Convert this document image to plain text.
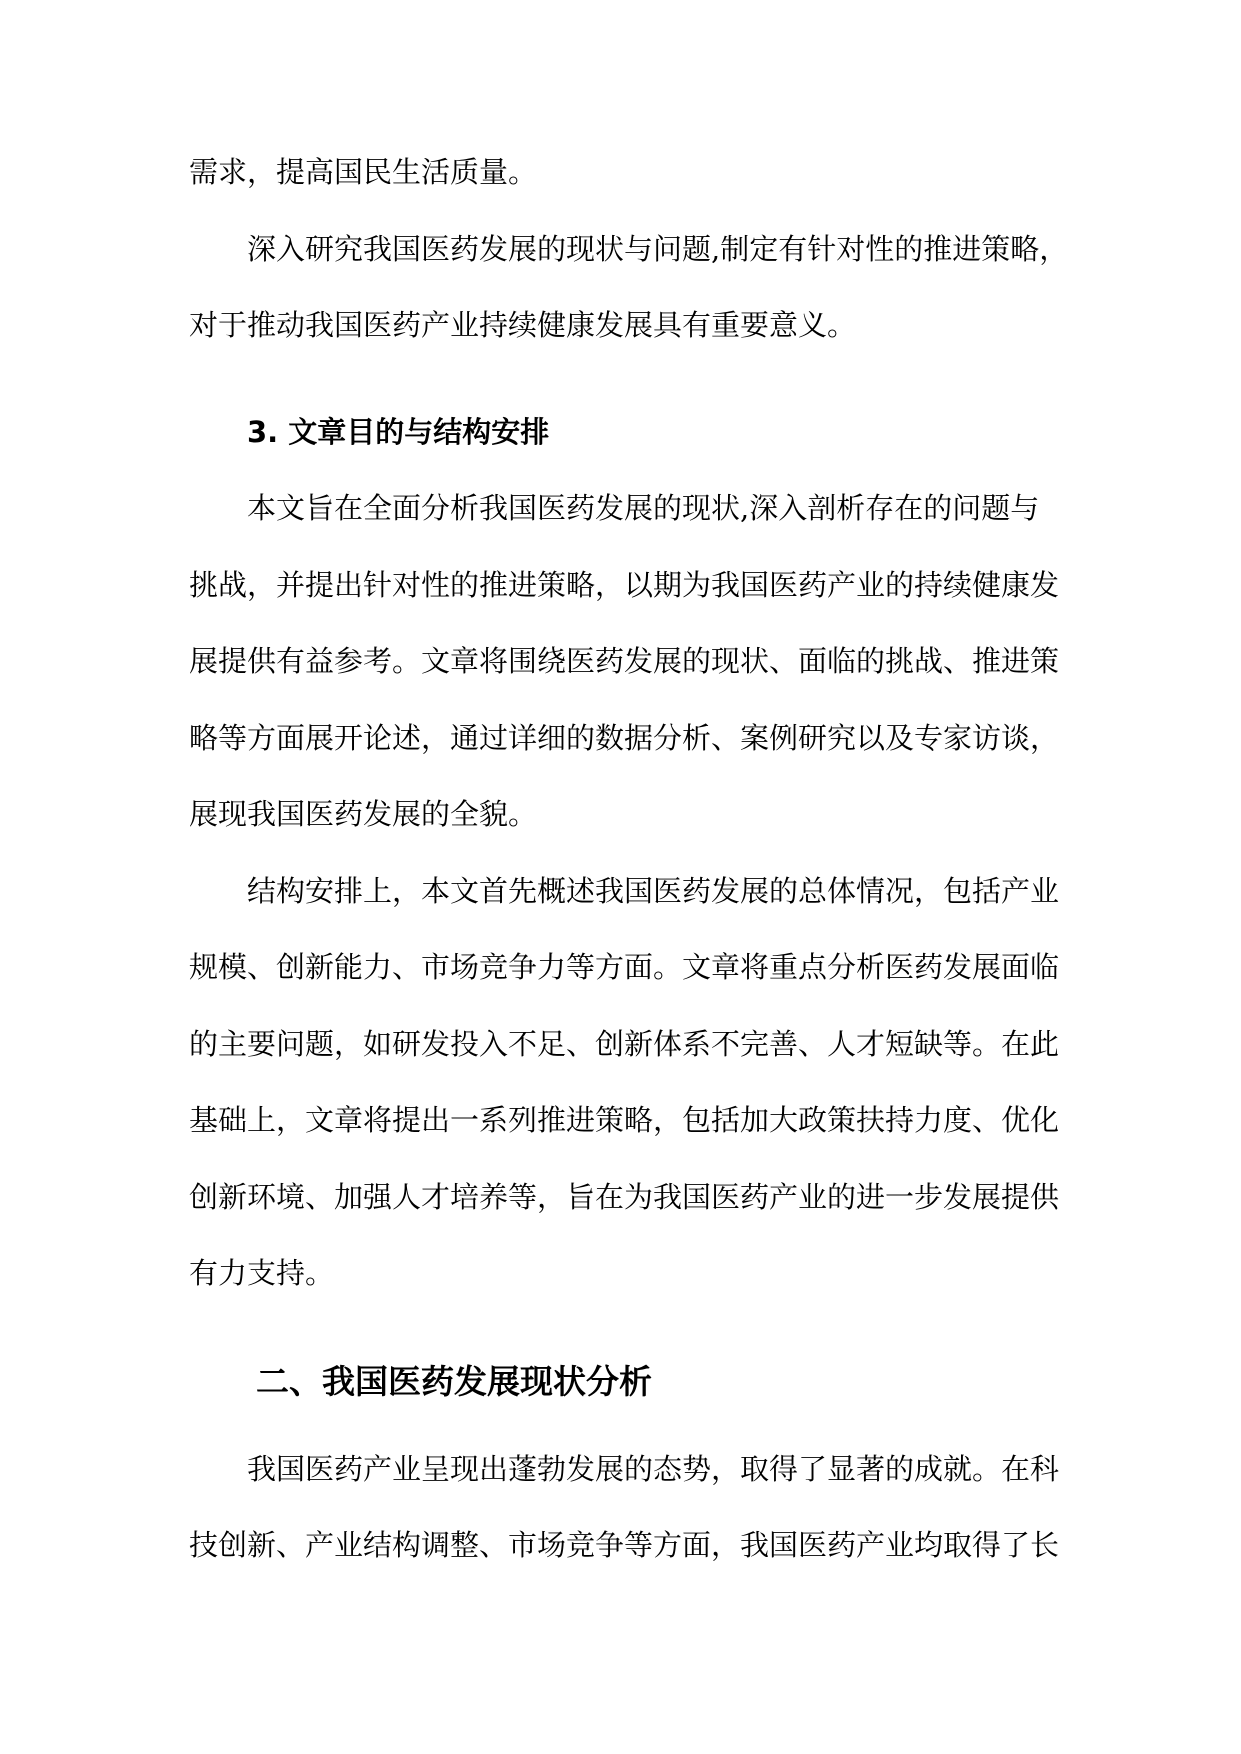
需求，提高国民生活质量。
深入研究我国医药发展的现状与问题,制定有针对性的推进策略，
对于推动我国医药产业持续健康发展具有重要意义。
3. 文章目的与结构安排
本文旨在全面分析我国医药发展的现状,深入剖析存在的问题与
挑战，并提出针对性的推进策略，以期为我国医药产业的持续健康发
展提供有益参考。文章将围绕医药发展的现状、面临的挑战、推进策
略等方面展开论述，通过详细的数据分析、案例研究以及专家访谈，
展现我国医药发展的全貌。
结构安排上，本文首先概述我国医药发展的总体情况，包括产业
规模、创新能力、市场竞争力等方面。文章将重点分析医药发展面临
的主要问题，如研发投入不足、创新体系不完善、人才短缺等。在此
基础上，文章将提出一系列推进策略，包括加大政策扶持力度、优化
创新环境、加强人才培养等，旨在为我国医药产业的进一步发展提供
有力支持。
二、我国医药发展现状分析
我国医药产业呈现出蓬勃发展的态势，取得了显著的成就。在科
技创新、产业结构调整、市场竞争等方面，我国医药产业均取得了长
